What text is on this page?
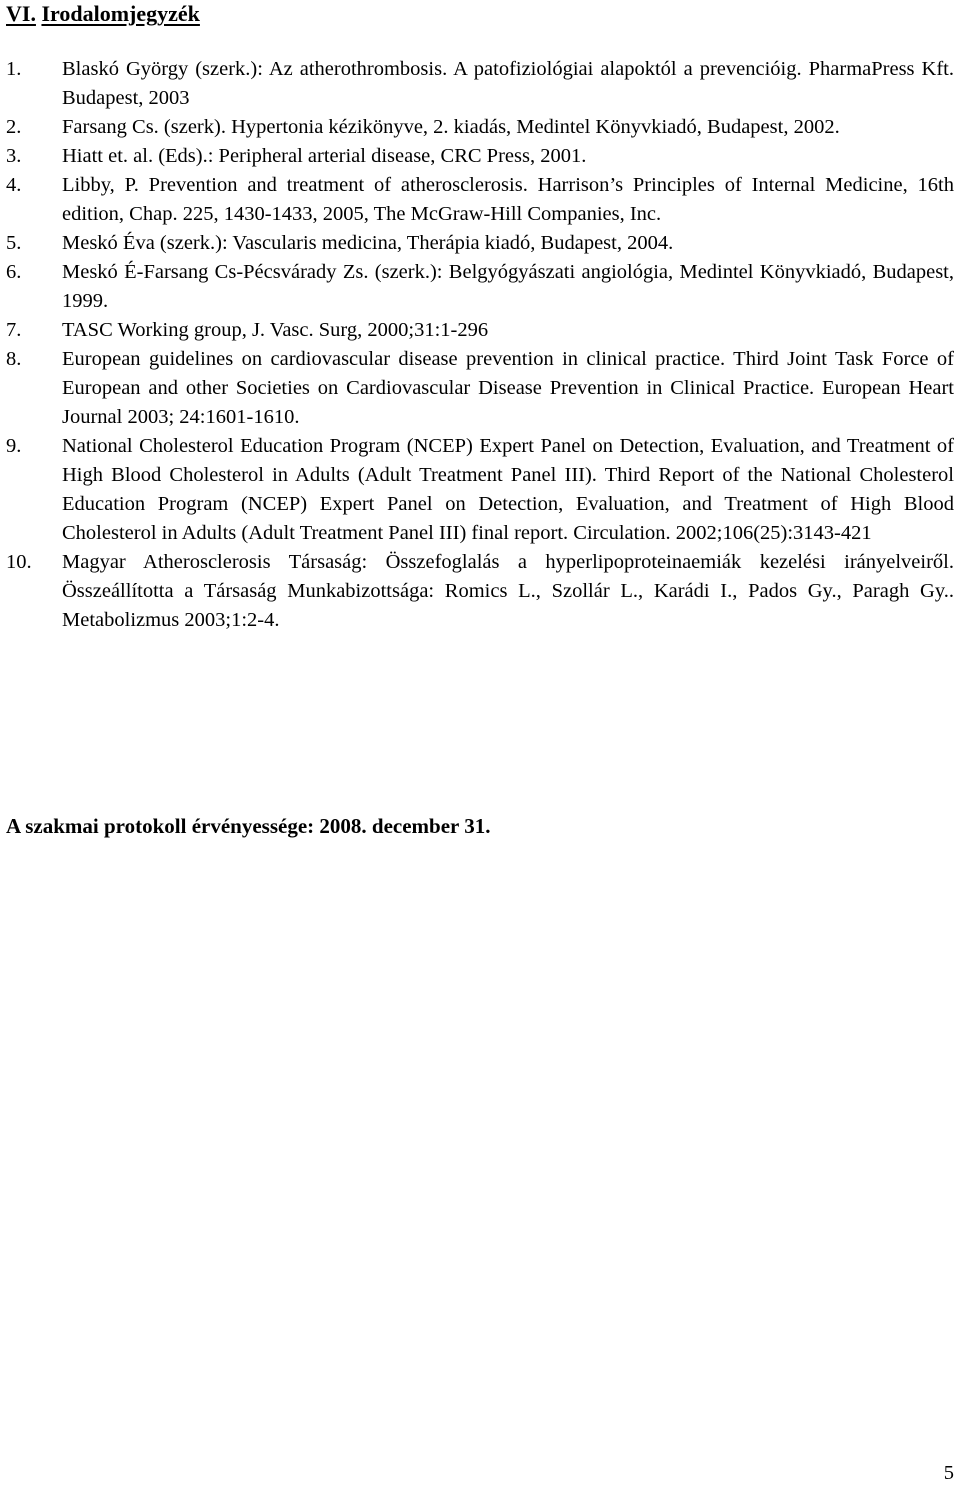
VI. Irodalomjegyzék
1. Blaskó György (szerk.): Az atherothrombosis. A patofiziológiai alapoktól a prevencióig. PharmaPress Kft. Budapest, 2003
2. Farsang Cs. (szerk). Hypertonia kézikönyve, 2. kiadás, Medintel Könyvkiadó, Budapest, 2002.
3. Hiatt et. al. (Eds).: Peripheral arterial disease, CRC Press, 2001.
4. Libby, P. Prevention and treatment of atherosclerosis. Harrison’s Principles of Internal Medicine, 16th edition, Chap. 225, 1430-1433, 2005, The McGraw-Hill Companies, Inc.
5. Meskó Éva (szerk.): Vascularis medicina, Therápia kiadó, Budapest, 2004.
6. Meskó É-Farsang Cs-Pécsvárady Zs. (szerk.): Belgyógyászati angiológia, Medintel Könyvkiadó, Budapest, 1999.
7. TASC Working group, J. Vasc. Surg, 2000;31:1-296
8. European guidelines on cardiovascular disease prevention in clinical practice. Third Joint Task Force of European and other Societies on Cardiovascular Disease Prevention in Clinical Practice. European Heart Journal 2003; 24:1601-1610.
9. National Cholesterol Education Program (NCEP) Expert Panel on Detection, Evaluation, and Treatment of High Blood Cholesterol in Adults (Adult Treatment Panel III). Third Report of the National Cholesterol Education Program (NCEP) Expert Panel on Detection, Evaluation, and Treatment of High Blood Cholesterol in Adults (Adult Treatment Panel III) final report. Circulation. 2002;106(25):3143-421
10. Magyar Atherosclerosis Társaság: Összefoglalás a hyperlipoproteinaemiák kezelési irányelveiről. Összeállította a Társaság Munkabizottsága: Romics L., Szollár L., Karádi I., Pados Gy., Paragh Gy.. Metabolizmus 2003;1:2-4.
A szakmai protokoll érvényessége: 2008. december 31.
5
